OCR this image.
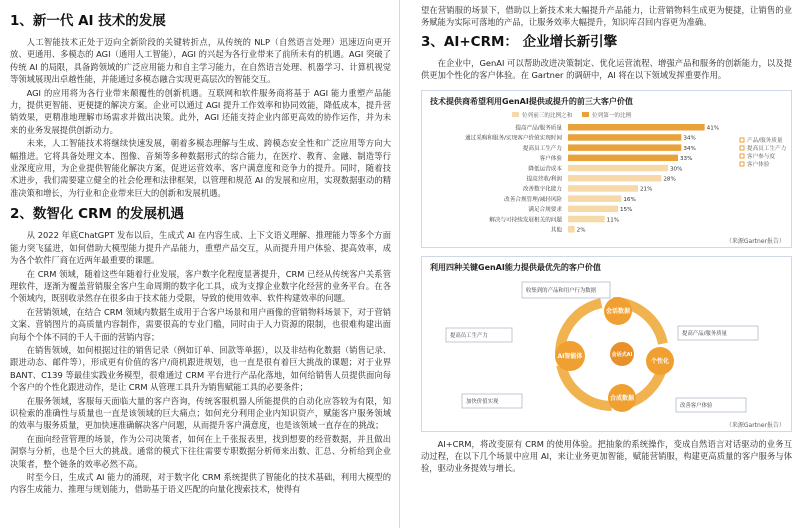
1、新一代 AI 技术的发展

人工智能技术正处于迈向全新阶段的关键转折点，从传统的 NLP（自然语言处理）迅速迈向更开放、更通用、多模态的 AGI（通用人工智能），AGI 的兴起为各行业带来了前所未有的机遇。AGI 突破了传统 AI 的局限，具备跨领域的广泛应用能力和自主学习能力，在自然语言处理、机器学习、计算机视觉等领域展现出卓越性能，并能通过多模态融合实现更高层次的智能交互。

AGI 的应用将为各行业带来颠覆性的创新机遇。互联网和软件服务商将基于 AGI 能力重塑产品能力，提供更智能、更便捷的解决方案。企业可以通过 AGI 提升工作效率和协同效能，降低成本，提升营销效果，更精准地理解市场需求并做出决策。此外，AGI 还能支持企业内部更高效的协作运作，并为未来的业务发展提供创新动力。

未来，人工智能技术将继续快速发展，朝着多模态理解与生成、跨模态安全性和广泛应用等方向大幅推进。它将具备处理文本、图像、音频等多种数据形式的综合能力，在医疗、教育、金融、制造等行业深度应用，为企业提供智能化解决方案，促进运营效率、客户满意度和竞争力的提升。同时，随着技术进步，我们需要建立健全的社会伦理和法律框架，以管理和规范 AI 的发展和应用，实现数据驱动的精准决策和增长，为行业和企业带来巨大的创新和发展机遇。

2、数智化 CRM 的发展机遇

从 2022 年底ChatGPT 发布以后，生成式 AI 在内容生成、上下文语义理解、推理能力等多个方面能力突飞猛进，如何借助大模型能力提升产品能力，重塑产品交互，从而提升用户体验、提高效率，成为各个软件厂商在近两年最重要的课题。

在 CRM 领域，随着这些年随着行业发展，客户数字化程度显著提升，CRM 已经从传统客户关系管理软件，逐渐为覆盖营销服全客户生命周期的数字化工具，成为支撑企业数字化经营的业务平台。在各个领域内，既别收录然存在很多由于技术能力受限，导致的使用效率、软件构建效率的问题。

在营销领域，在结合 CRM 领域内数据生成用于合客户场景和用户画像的营销物料场景下，对于营销文案、营销图片的高质量内容制作，需要很高的专业门槛，同时由于人力资源的限制，也很难构建出面向每个个体不同的千人千面的营销内容；

在销售领域，如何根据过往的销售记录（例如订单、回款等单据），以及非结构化数据（销售记录、跟进动态、邮件等），形成更有价值的客户/商机跟进规划，也一直是很有着巨大挑战的课题；对于业界 BANT、C139 等最佳实践业务模型，很难通过 CRM 平台进行产品化落地，如何给销售人员提供面向每个客户的个性化跟进动作，是让 CRM 从管理工具升为销售赋能工具的必要条件；

在服务领域，客服每天面临大量的客户咨询，传统客服机器人所能提供的自动化应答较为有限，知识检索的准确性与质量也一直是该领域的巨大痛点；如何充分利用企业内知识资产，赋能客户服务领域的效率与服务质量，更加快速准确解决客户问题，从而提升客户满意度，也是该领域一直存在的挑战；

在面向经营管理的场景，作为公司决策者，如何在上千张报表里，找到想要的经营数据，并且做出洞察与分析，也是个巨大的挑战。通常的模式下往往需要专职数据分析师来出数、汇总、分析给到企业决策者，整个链条的效率必然不高。

时至今日，生成式 AI 能力的涌现，对于数字化 CRM 系统提供了智能化的技术基础，利用大模型的内容生成能力、推理与规划能力，借助基于语义匹配的向量化搜索技术，使得有

望在营销服的场景下，借助以上新技术来大幅提升产品能力，让营销物料生成更为便捷，让销售的业务赋能为实际可落地的产品，让服务效率大幅提升，知识库召回内容更为准确。

3、AI+CRM： 企业增长新引擎

在企业中，GenAI 可以帮助改进决策制定、优化运营流程、增强产品和服务的创新能力，以及提供更加个性化的客户体验。在 Gartner 的调研中，AI 将在以下领域发挥重要作用。

技术提供商希望利用GenAI提供或提升的前三大客户价值
位列前三的比例之和	位列第一的比例
产品/服务质量
提高员工生产力
客户参与度
客户体验
提高产品/服务质量	41%
通过采购和服务/实现客户价值实现时间	34%
提高员工生产力	34%
客户体验	33%
降低运营成本	30%
提高营收/利润	28%
改善数字化能力	21%
改善合规管理/减轻风险	16%
满足合规要求	15%
解决与可持续发展相关的问题	11%
其他	2%
（来源Gartner报告）
利用四种关键GenAI能力提供最优先的客户价值
AI智能体
会话数据
个性化
合成数据
会话式AI
收集到的产品和用户行为数据
提高员工生产力	提高产品/服务质量
加快价值实现
改善客户体验
（来源Gartner报告）

AI+CRM，将改变原有 CRM 的使用体验。把抽象的系统操作，变成自然语言对话驱动的业务互动过程，在以下几个场景中应用 AI，来让业务更加智能，赋能营销服，构建更高质量的客户服务与体验，驱动业务提效与增长。
